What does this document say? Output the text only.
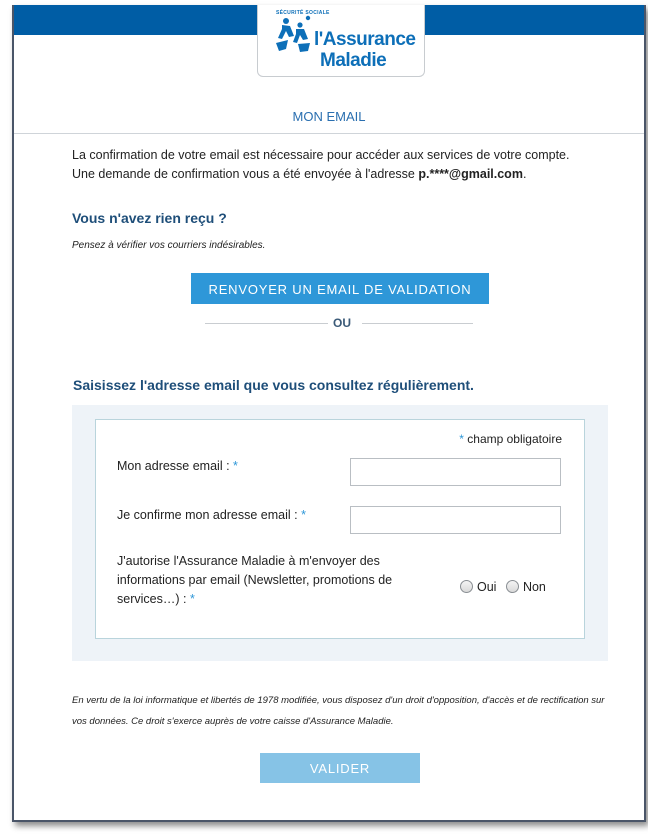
SÉCURITÉ SOCIALE
l'Assurance
Maladie
MON EMAIL
La confirmation de votre email est nécessaire pour accéder aux services de votre compte.
Une demande de confirmation vous a été envoyée à l'adresse p.****@gmail.com.
Vous n'avez rien reçu ?
Pensez à vérifier vos courriers indésirables.
RENVOYER UN EMAIL DE VALIDATION
OU
Saisissez l'adresse email que vous consultez régulièrement.
* champ obligatoire
Mon adresse email : *
Je confirme mon adresse email : *
J'autorise l'Assurance Maladie à m'envoyer des informations par email (Newsletter, promotions de services…) : *
Oui Non
En vertu de la loi informatique et libertés de 1978 modifiée, vous disposez d'un droit d'opposition, d'accès et de rectification sur vos données. Ce droit s'exerce auprès de votre caisse d'Assurance Maladie.
VALIDER
